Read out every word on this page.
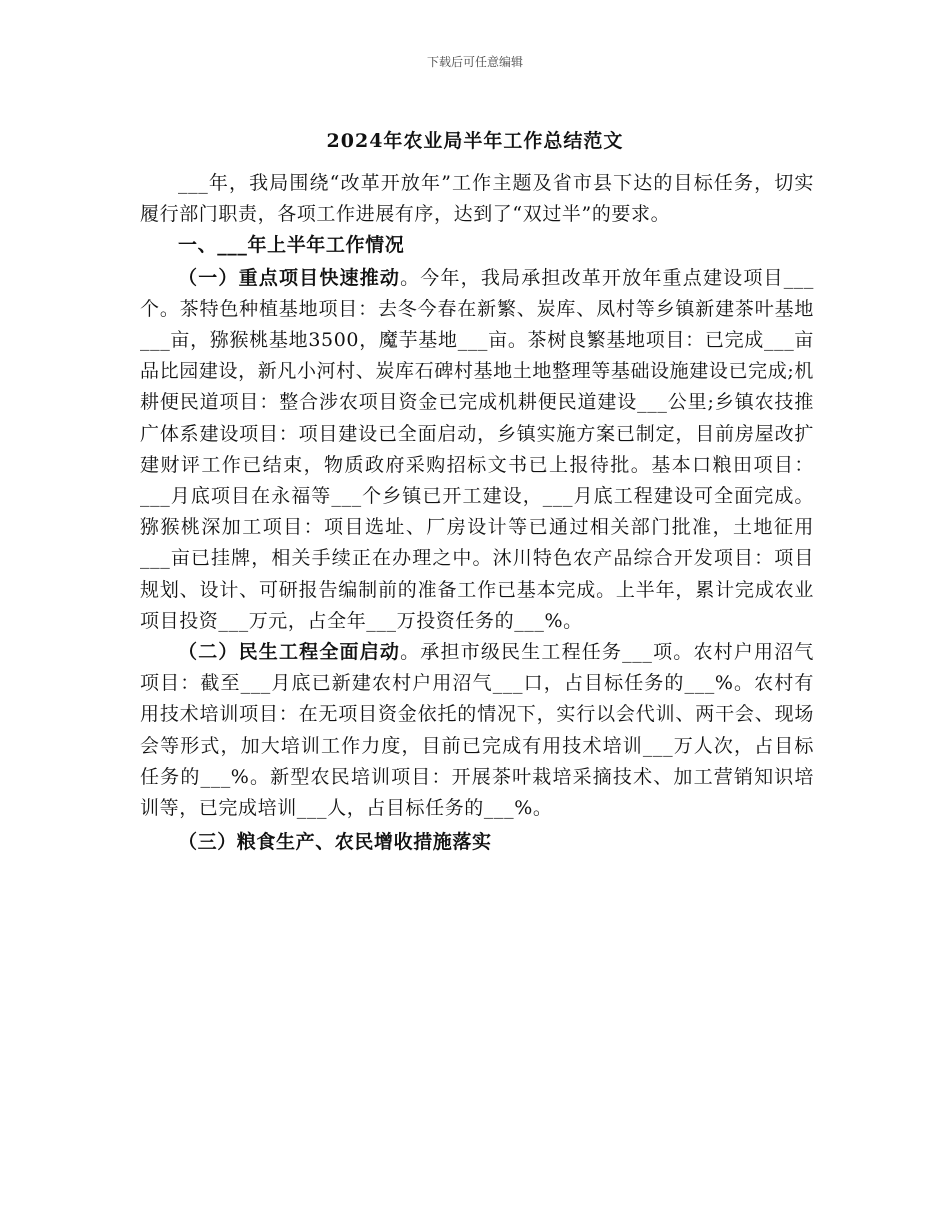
下载后可任意编辑
2024年农业局半年工作总结范文

___年，我局围绕“改革开放年”工作主题及省市县下达的目标任务，切实履行部门职责，各项工作进展有序，达到了“双过半”的要求。

一、___年上半年工作情况

（一）重点项目快速推动。今年，我局承担改革开放年重点建设项目___个。茶特色种植基地项目：去冬今春在新繁、炭库、凤村等乡镇新建茶叶基地___亩，猕猴桃基地3500，魔芋基地___亩。茶树良繁基地项目：已完成___亩品比园建设，新凡小河村、炭库石碑村基地土地整理等基础设施建设已完成;机耕便民道项目：整合涉农项目资金已完成机耕便民道建设___公里;乡镇农技推广体系建设项目：项目建设已全面启动，乡镇实施方案已制定，目前房屋改扩建财评工作已结束，物质政府采购招标文书已上报待批。基本口粮田项目：___月底项目在永福等___个乡镇已开工建设，___月底工程建设可全面完成。猕猴桃深加工项目：项目选址、厂房设计等已通过相关部门批准，土地征用___亩已挂牌，相关手续正在办理之中。沐川特色农产品综合开发项目：项目规划、设计、可研报告编制前的准备工作已基本完成。上半年，累计完成农业项目投资___万元，占全年___万投资任务的___%。

（二）民生工程全面启动。承担市级民生工程任务___项。农村户用沼气项目：截至___月底已新建农村户用沼气___口，占目标任务的___%。农村有用技术培训项目：在无项目资金依托的情况下，实行以会代训、两干会、现场会等形式，加大培训工作力度，目前已完成有用技术培训___万人次，占目标任务的___%。新型农民培训项目：开展茶叶栽培采摘技术、加工营销知识培训等，已完成培训___人，占目标任务的___%。

（三）粮食生产、农民增收措施落实
